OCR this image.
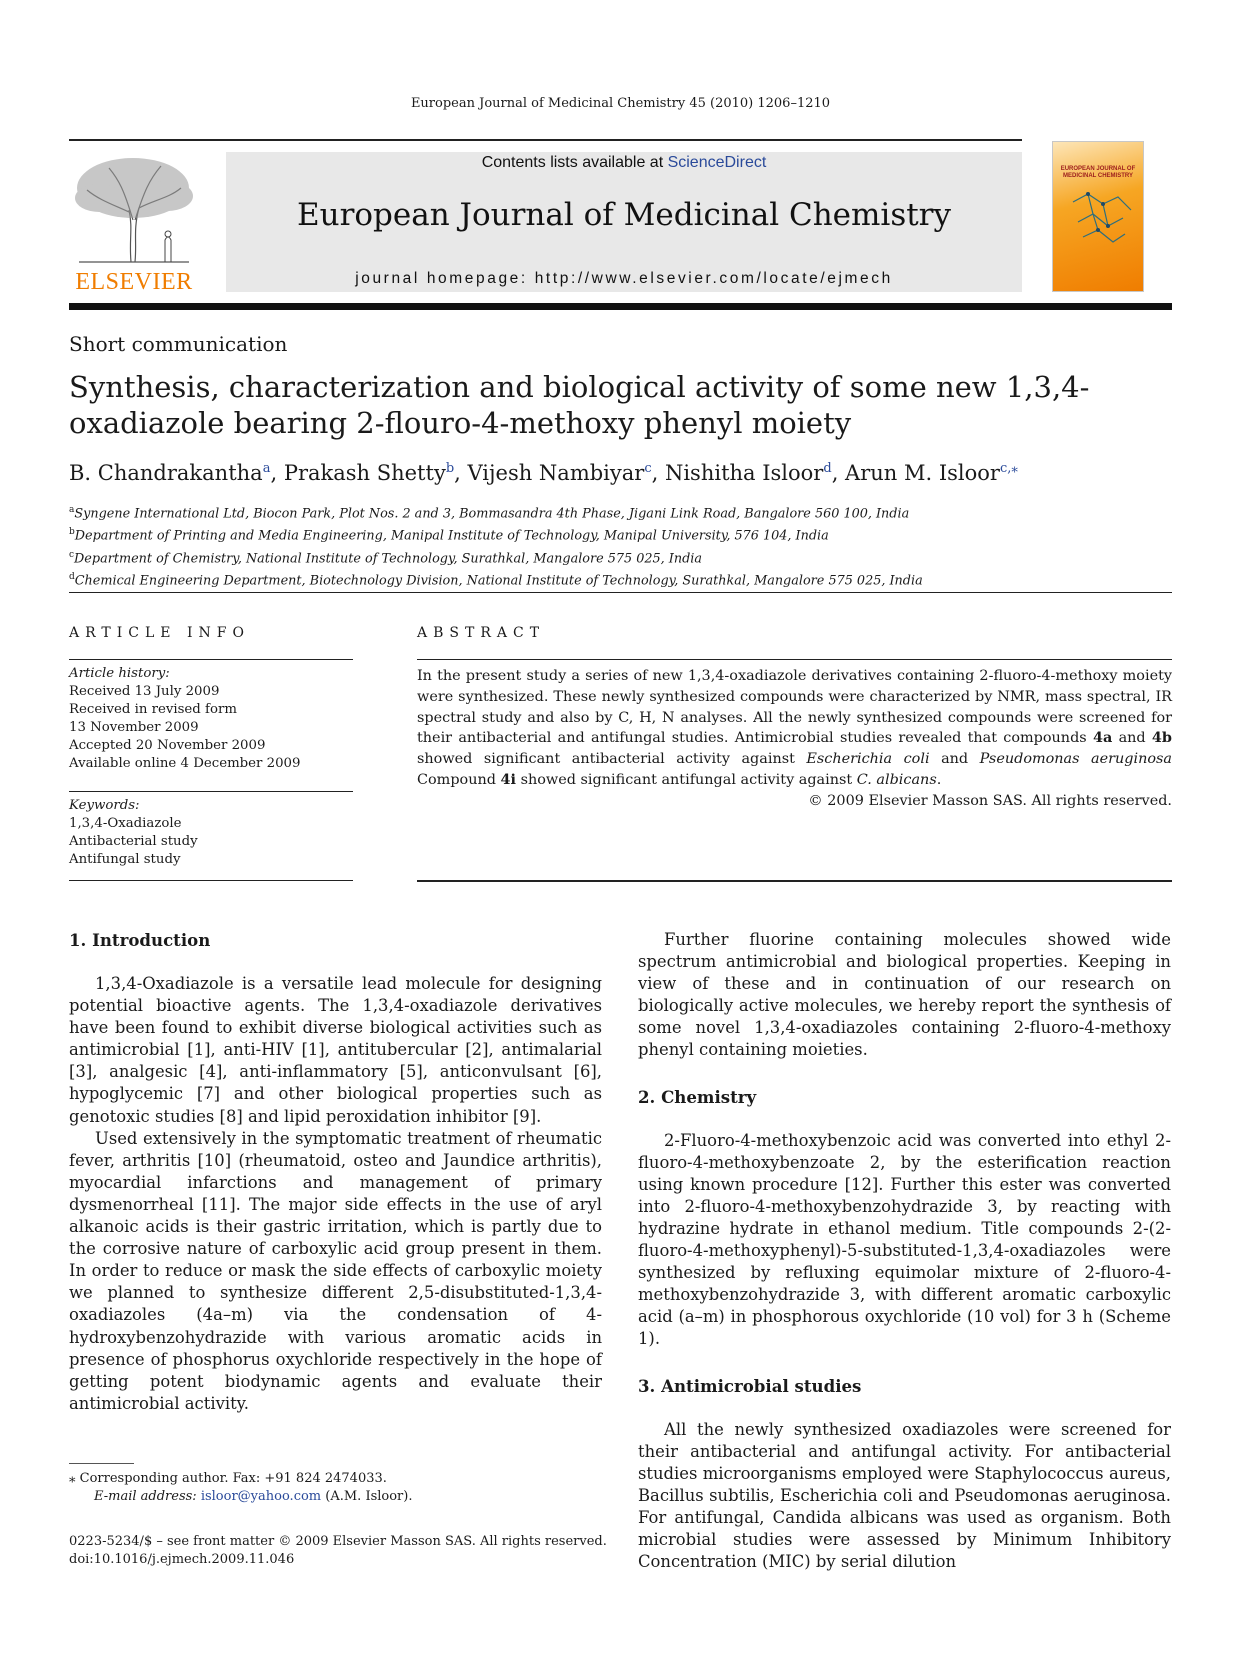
European Journal of Medicinal Chemistry 45 (2010) 1206–1210
ELSEVIER
Contents lists available at ScienceDirect
European Journal of Medicinal Chemistry
journal homepage: http://www.elsevier.com/locate/ejmech
EUROPEAN JOURNAL OF MEDICINAL CHEMISTRY
Short communication
Synthesis, characterization and biological activity of some new 1,3,4-oxadiazole bearing 2-flouro-4-methoxy phenyl moiety
B. Chandrakantha$^a$, Prakash Shetty$^b$, Vijesh Nambiyar$^c$, Nishitha Isloor$^d$, Arun M. Isloor$^{c,⁎}$
$^a$Syngene International Ltd, Biocon Park, Plot Nos. 2 and 3, Bommasandra 4th Phase, Jigani Link Road, Bangalore 560 100, India
$^b$Department of Printing and Media Engineering, Manipal Institute of Technology, Manipal University, 576 104, India
$^c$Department of Chemistry, National Institute of Technology, Surathkal, Mangalore 575 025, India
$^d$Chemical Engineering Department, Biotechnology Division, National Institute of Technology, Surathkal, Mangalore 575 025, India
ARTICLE INFO	ABSTRACT
Article history:
Received 13 July 2009
Received in revised form
13 November 2009
Accepted 20 November 2009
Available online 4 December 2009
Keywords:
1,3,4-Oxadiazole
Antibacterial study
Antifungal study
In the present study a series of new 1,3,4-oxadiazole derivatives containing 2-fluoro-4-methoxy moiety were synthesized. These newly synthesized compounds were characterized by NMR, mass spectral, IR spectral study and also by C, H, N analyses. All the newly synthesized compounds were screened for their antibacterial and antifungal studies. Antimicrobial studies revealed that compounds 4a and 4b showed significant antibacterial activity against Escherichia coli and Pseudomonas aeruginosa Compound 4i showed significant antifungal activity against C. albicans.
© 2009 Elsevier Masson SAS. All rights reserved.
1. Introduction

1,3,4-Oxadiazole is a versatile lead molecule for designing potential bioactive agents. The 1,3,4-oxadiazole derivatives have been found to exhibit diverse biological activities such as antimicrobial [1], anti-HIV [1], antitubercular [2], antimalarial [3], analgesic [4], anti-inflammatory [5], anticonvulsant [6], hypoglycemic [7] and other biological properties such as genotoxic studies [8] and lipid peroxidation inhibitor [9].

Used extensively in the symptomatic treatment of rheumatic fever, arthritis [10] (rheumatoid, osteo and Jaundice arthritis), myocardial infarctions and management of primary dysmenorrheal [11]. The major side effects in the use of aryl alkanoic acids is their gastric irritation, which is partly due to the corrosive nature of carboxylic acid group present in them. In order to reduce or mask the side effects of carboxylic moiety we planned to synthesize different 2,5-disubstituted-1,3,4-oxadiazoles (4a–m) via the condensation of 4-hydroxybenzohydrazide with various aromatic acids in presence of phosphorus oxychloride respectively in the hope of getting potent biodynamic agents and evaluate their antimicrobial activity.

Further fluorine containing molecules showed wide spectrum antimicrobial and biological properties. Keeping in view of these and in continuation of our research on biologically active molecules, we hereby report the synthesis of some novel 1,3,4-oxadiazoles containing 2-fluoro-4-methoxy phenyl containing moieties.

2. Chemistry

2-Fluoro-4-methoxybenzoic acid was converted into ethyl 2-fluoro-4-methoxybenzoate 2, by the esterification reaction using known procedure [12]. Further this ester was converted into 2-fluoro-4-methoxybenzohydrazide 3, by reacting with hydrazine hydrate in ethanol medium. Title compounds 2-(2-fluoro-4-methoxyphenyl)-5-substituted-1,3,4-oxadiazoles were synthesized by refluxing equimolar mixture of 2-fluoro-4-methoxybenzohydrazide 3, with different aromatic carboxylic acid (a–m) in phosphorous oxychloride (10 vol) for 3 h (Scheme 1).

3. Antimicrobial studies

All the newly synthesized oxadiazoles were screened for their antibacterial and antifungal activity. For antibacterial studies microorganisms employed were Staphylococcus aureus, Bacillus subtilis, Escherichia coli and Pseudomonas aeruginosa. For antifungal, Candida albicans was used as organism. Both microbial studies were assessed by Minimum Inhibitory Concentration (MIC) by serial dilution

⁎ Corresponding author. Fax: +91 824 2474033.
E-mail address: isloor@yahoo.com (A.M. Isloor).
0223-5234/$ – see front matter © 2009 Elsevier Masson SAS. All rights reserved.
doi:10.1016/j.ejmech.2009.11.046
